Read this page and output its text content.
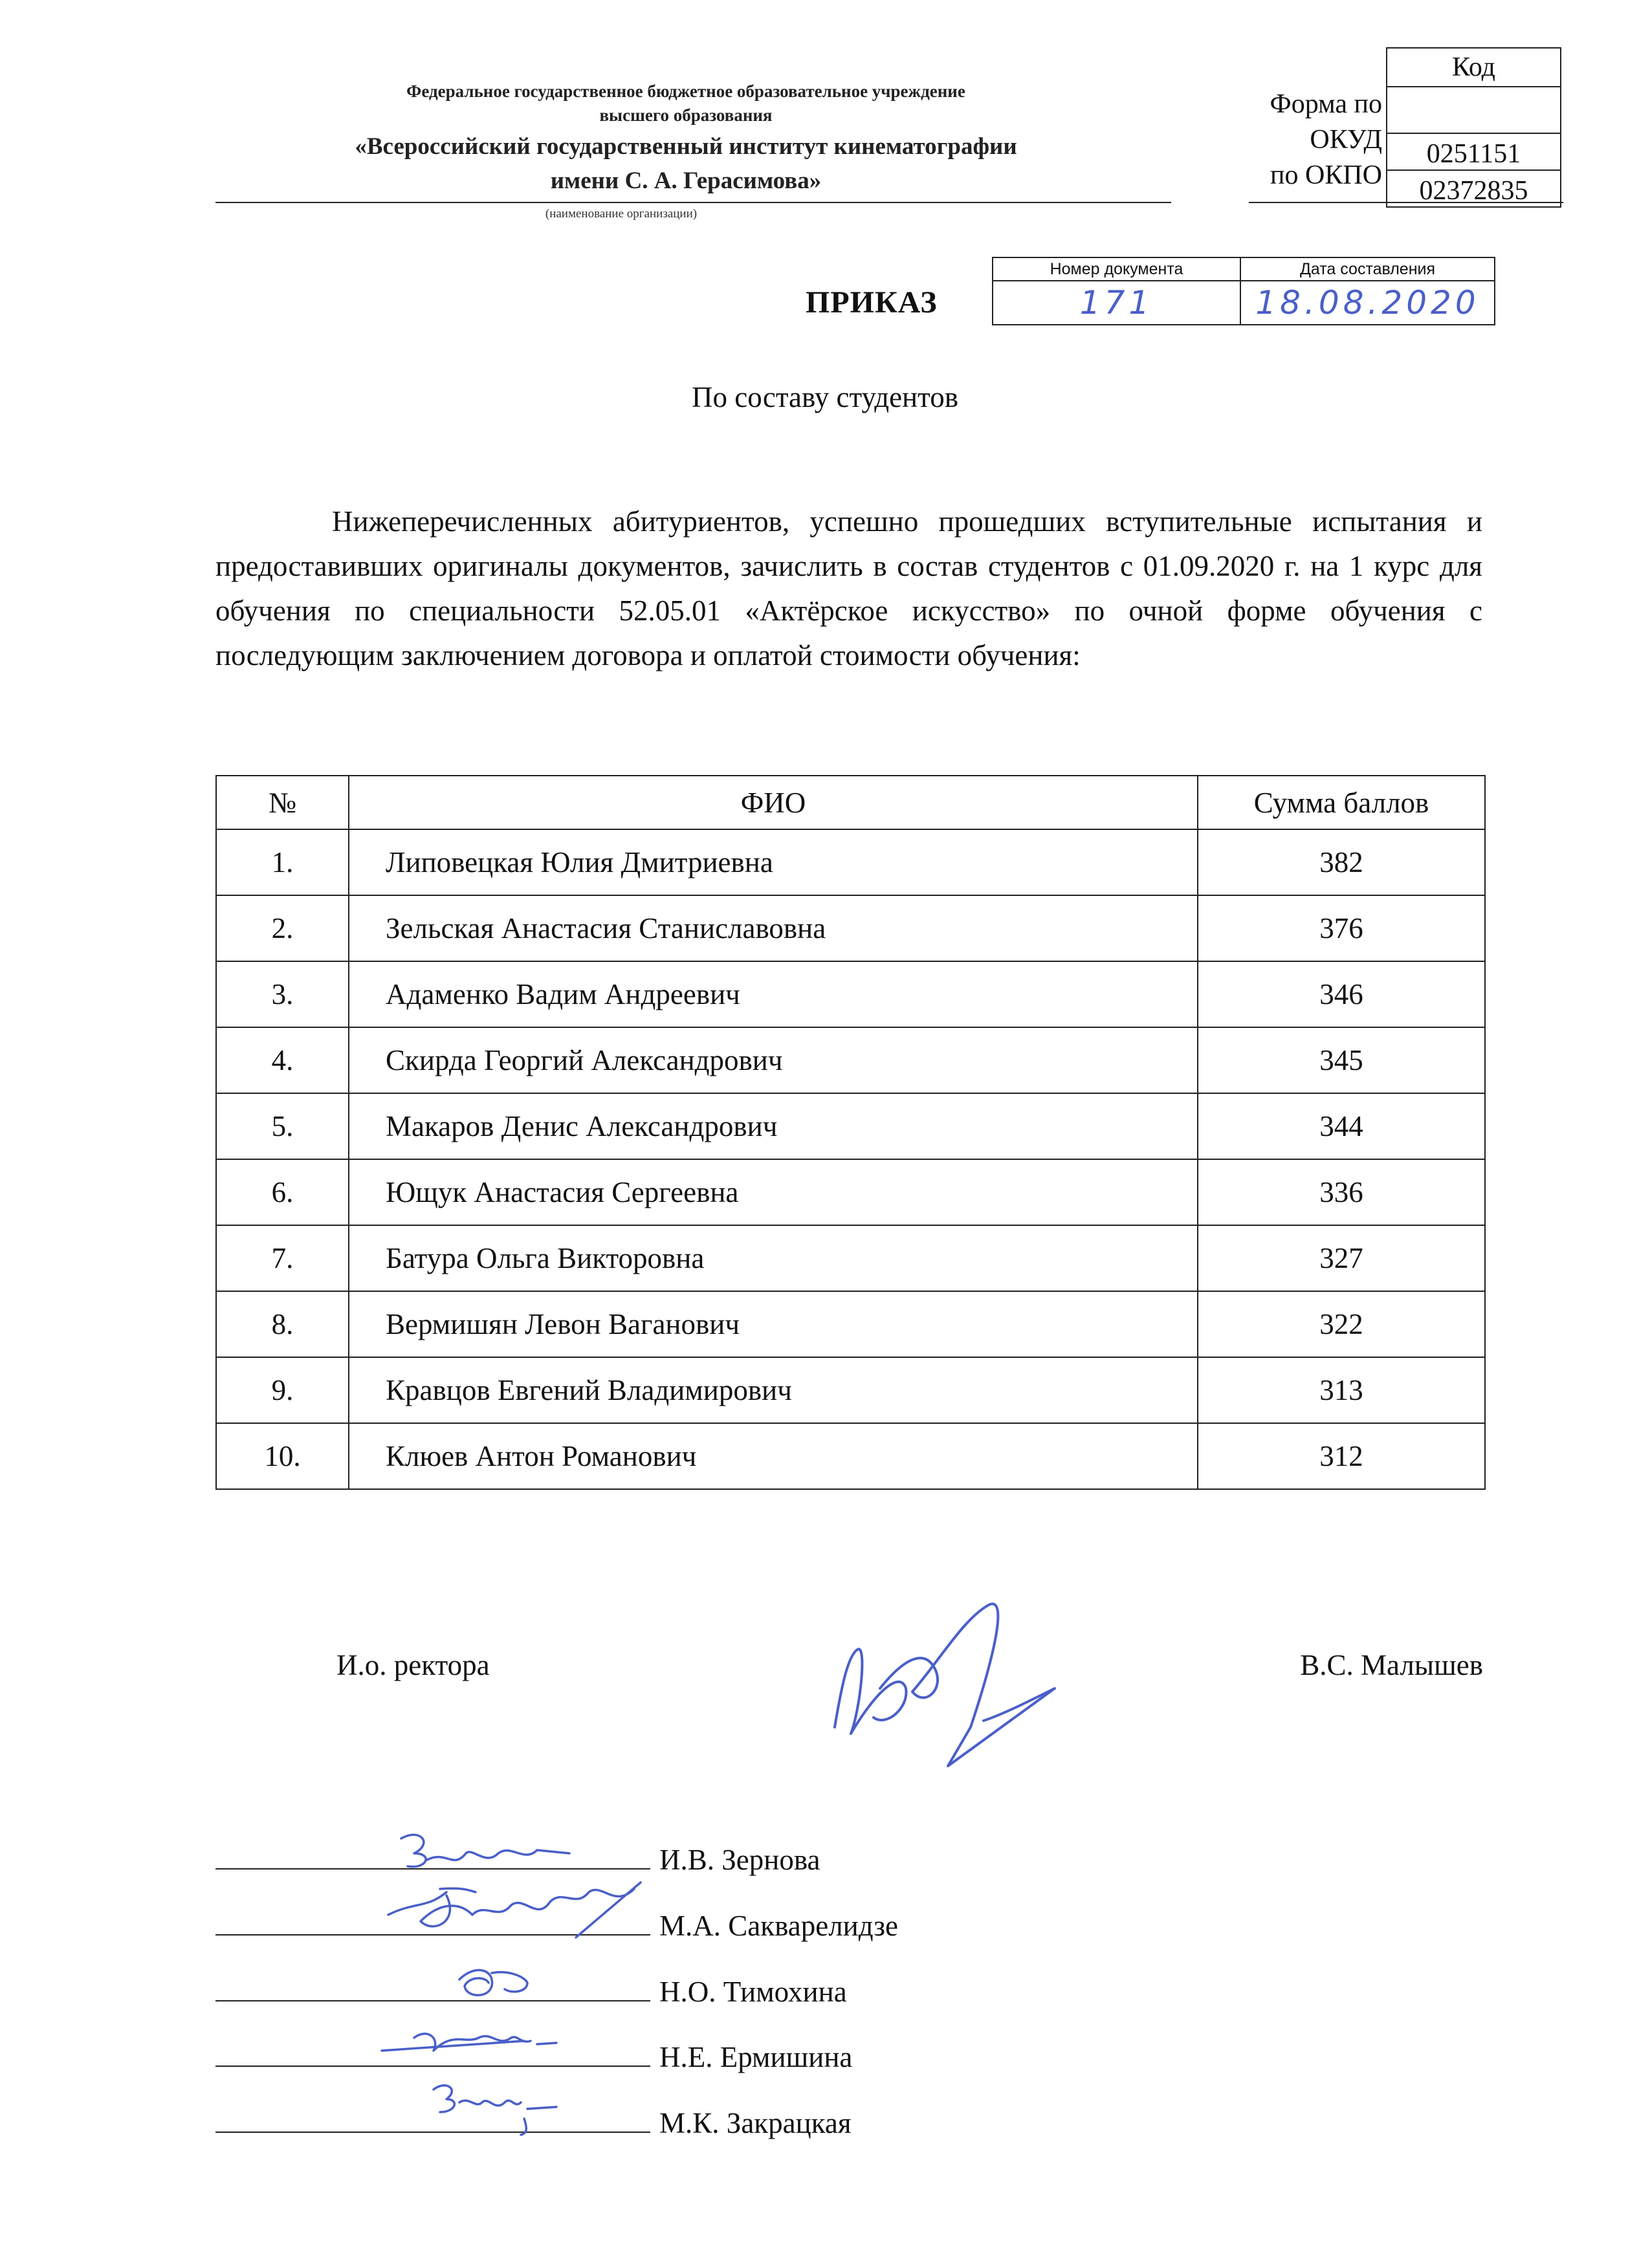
Федеральное государственное бюджетное образовательное учреждение
высшего образования
«Всероссийский государственный институт кинематографии
имени С. А. Герасимова»
(наименование организации)
Форма по
ОКУД
по ОКПО
Код

0251151
02372835
ПРИКАЗ
Номер документа	Дата составления
171	18.08.2020
По составу студентов
Нижеперечисленных абитуриентов, успешно прошедших вступительные испытания и предоставивших оригиналы документов, зачислить в состав студентов с 01.09.2020 г. на 1 курс для обучения по специальности 52.05.01 «Актёрское искусство» по очной форме обучения с последующим заключением договора и оплатой стоимости обучения:
№	ФИО	Сумма баллов
1.	Липовецкая Юлия Дмитриевна	382
2.	Зельская Анастасия Станиславовна	376
3.	Адаменко Вадим Андреевич	346
4.	Скирда Георгий Александрович	345
5.	Макаров Денис Александрович	344
6.	Ющук Анастасия Сергеевна	336
7.	Батура Ольга Викторовна	327
8.	Вермишян Левон Ваганович	322
9.	Кравцов Евгений Владимирович	313
10.	Клюев Антон Романович	312
И.о. ректора	В.С. Малышев
И.В. Зернова
М.А. Сакварелидзе
Н.О. Тимохина
Н.Е. Ермишина
М.К. Закрацкая
